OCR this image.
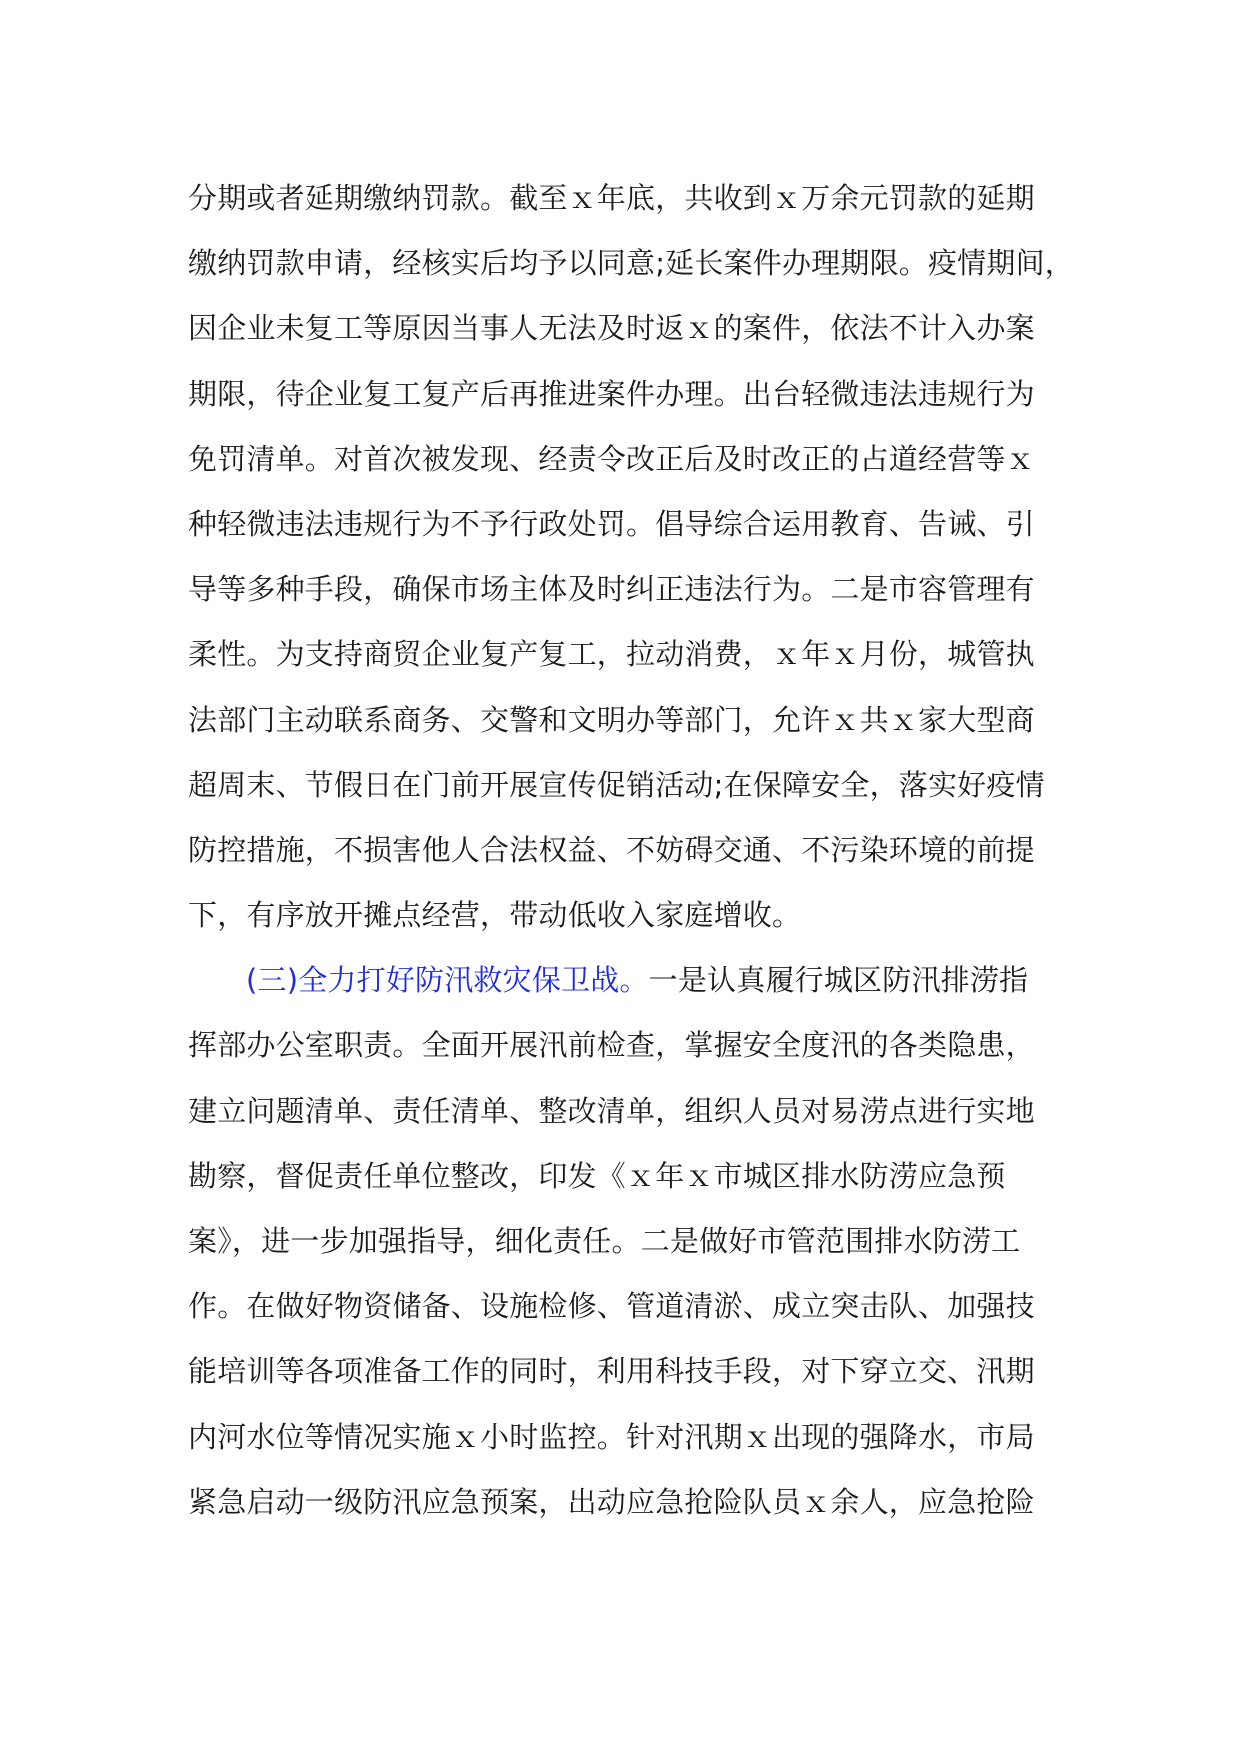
分期或者延期缴纳罚款。截至ｘ年底，共收到ｘ万余元罚款的延期
缴纳罚款申请，经核实后均予以同意;延长案件办理期限。疫情期间，
因企业未复工等原因当事人无法及时返ｘ的案件，依法不计入办案
期限，待企业复工复产后再推进案件办理。出台轻微违法违规行为
免罚清单。对首次被发现、经责令改正后及时改正的占道经营等ｘ
种轻微违法违规行为不予行政处罚。倡导综合运用教育、告诫、引
导等多种手段，确保市场主体及时纠正违法行为。二是市容管理有
柔性。为支持商贸企业复产复工，拉动消费，ｘ年ｘ月份，城管执
法部门主动联系商务、交警和文明办等部门，允许ｘ共ｘ家大型商
超周末、节假日在门前开展宣传促销活动;在保障安全，落实好疫情
防控措施，不损害他人合法权益、不妨碍交通、不污染环境的前提
下，有序放开摊点经营，带动低收入家庭增收。
(三)全力打好防汛救灾保卫战。一是认真履行城区防汛排涝指
挥部办公室职责。全面开展汛前检查，掌握安全度汛的各类隐患，
建立问题清单、责任清单、整改清单，组织人员对易涝点进行实地
勘察，督促责任单位整改，印发《ｘ年ｘ市城区排水防涝应急预
案》，进一步加强指导，细化责任。二是做好市管范围排水防涝工
作。在做好物资储备、设施检修、管道清淤、成立突击队、加强技
能培训等各项准备工作的同时，利用科技手段，对下穿立交、汛期
内河水位等情况实施ｘ小时监控。针对汛期ｘ出现的强降水，市局
紧急启动一级防汛应急预案，出动应急抢险队员ｘ余人，应急抢险
